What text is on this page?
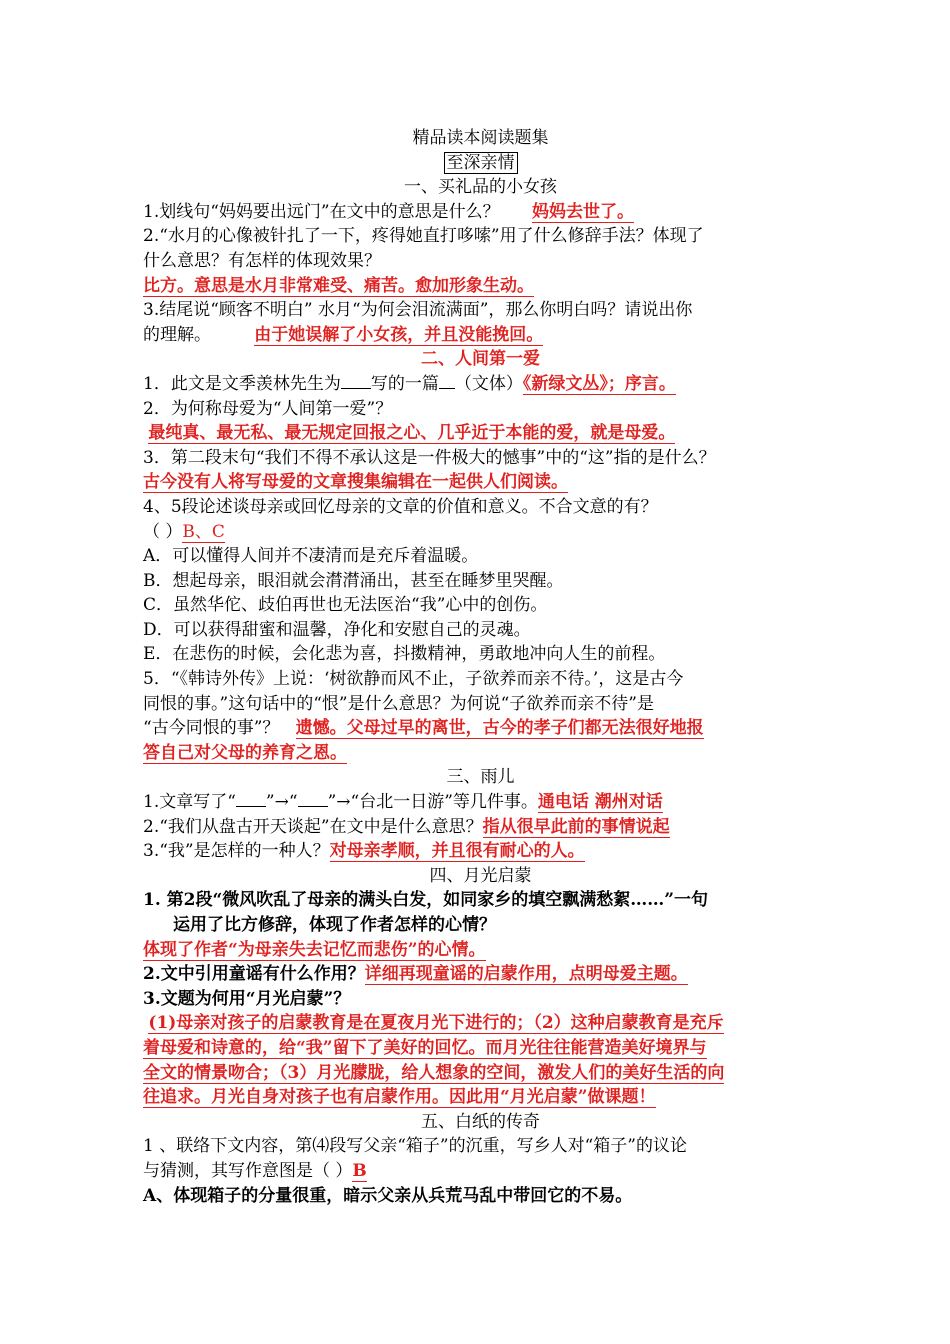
精品读本阅读题集
至深亲情
一、买礼品的小女孩
1.划线句“妈妈要出远门”在文中的意思是什么？ 妈妈去世了。
2.“水月的心像被针扎了一下，疼得她直打哆嗦”用了什么修辞手法？体现了
什么意思？有怎样的体现效果？
比方。意思是水月非常难受、痛苦。愈加形象生动。
3.结尾说“顾客不明白” 水月“为何会泪流满面”，那么你明白吗？请说出你
的理解。	由于她误解了小女孩，并且没能挽回。
二、人间第一爱
1．此文是文季羡林先生为 写的一篇 （文体）《新绿文丛》；序言。
2．为何称母爱为“人间第一爱”？
最纯真、最无私、最无规定回报之心、几乎近于本能的爱，就是母爱。
3．第二段末句“我们不得不承认这是一件极大的憾事”中的“这”指的是什么？
古今没有人将写母爱的文章搜集编辑在一起供人们阅读。
4、5段论述谈母亲或回忆母亲的文章的价值和意义。不合文意的有？
（ ）B、C
A．可以懂得人间并不凄清而是充斥着温暖。
B．想起母亲，眼泪就会潸潸涌出，甚至在睡梦里哭醒。
C．虽然华佗、歧伯再世也无法医治“我”心中的创伤。
D．可以获得甜蜜和温馨，净化和安慰自己的灵魂。
E．在悲伤的时候，会化悲为喜，抖擞精神，勇敢地冲向人生的前程。
5．“《韩诗外传》上说：‘树欲静而风不止，子欲养而亲不待。’，这是古今
同恨的事。”这句话中的“恨”是什么意思？为何说“子欲养而亲不待”是
“古今同恨的事”？ 遗憾。父母过早的离世，古今的孝子们都无法很好地报
答自己对父母的养育之恩。
三、雨儿
1.文章写了“ ”→“ ”→“台北一日游”等几件事。通电话 潮州对话
2.“我们从盘古开天谈起”在文中是什么意思？指从很早此前的事情说起
3.“我”是怎样的一种人？对母亲孝顺，并且很有耐心的人。
四、月光启蒙
1. 第2段“微风吹乱了母亲的满头白发，如同家乡的填空飘满愁絮……”一句
运用了比方修辞，体现了作者怎样的心情？
体现了作者“为母亲失去记忆而悲伤”的心情。
2.文中引用童谣有什么作用？详细再现童谣的启蒙作用，点明母爱主题。
3.文题为何用“月光启蒙”？
(1)母亲对孩子的启蒙教育是在夏夜月光下进行的；（2）这种启蒙教育是充斥
着母爱和诗意的，给“我”留下了美好的回忆。而月光往往能营造美好境界与
全文的情景吻合；（3）月光朦胧，给人想象的空间，激发人们的美好生活的向
往追求。月光自身对孩子也有启蒙作用。因此用“月光启蒙”做课题！
五、白纸的传奇
1 、联络下文内容，第⑷段写父亲“箱子”的沉重，写乡人对“箱子”的议论
与猜测，其写作意图是（ ）B
A、体现箱子的分量很重，暗示父亲从兵荒马乱中带回它的不易。
